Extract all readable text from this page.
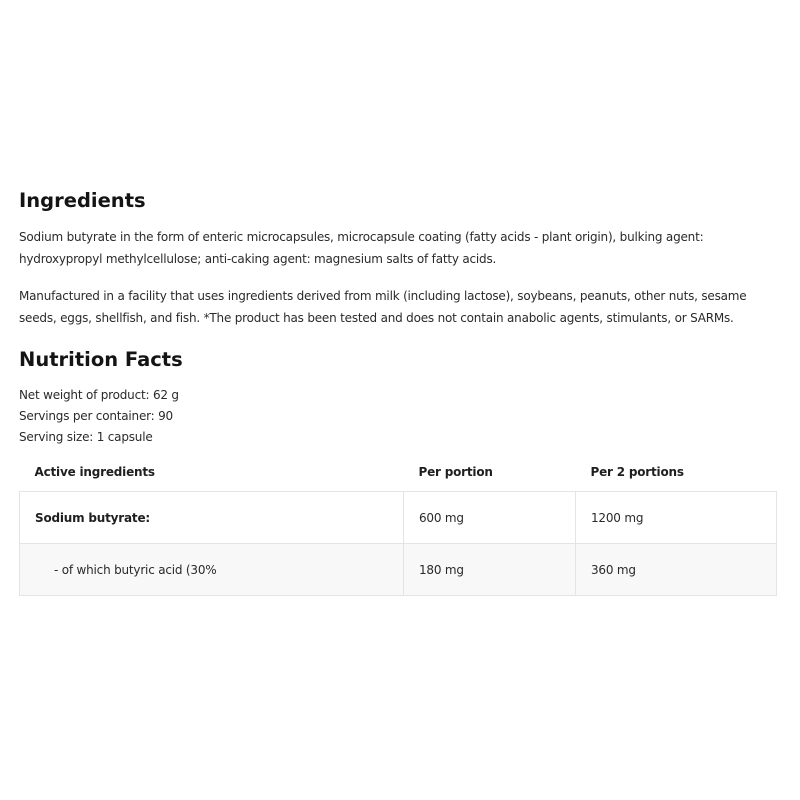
Ingredients

Sodium butyrate in the form of enteric microcapsules, microcapsule coating (fatty acids - plant origin), bulking agent: hydroxypropyl methylcellulose; anti-caking agent: magnesium salts of fatty acids.

Manufactured in a facility that uses ingredients derived from milk (including lactose), soybeans, peanuts, other nuts, sesame seeds, eggs, shellfish, and fish. *The product has been tested and does not contain anabolic agents, stimulants, or SARMs.

Nutrition Facts
Net weight of product: 62 g
Servings per container: 90
Serving size: 1 capsule
Active ingredients	Per portion	Per 2 portions
Sodium butyrate:	600 mg	1200 mg
- of which butyric acid (30%	180 mg	360 mg
